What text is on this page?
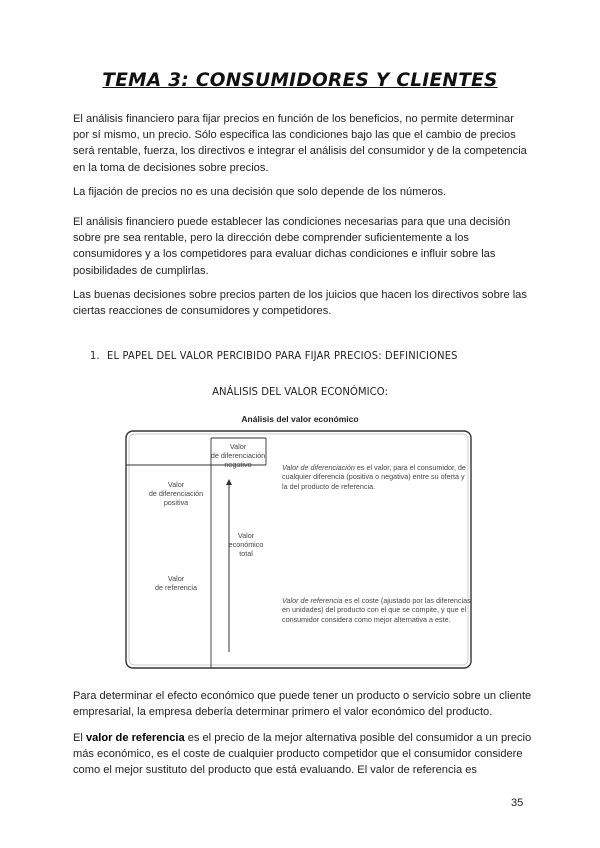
TEMA 3: CONSUMIDORES Y CLIENTES

El análisis financiero para fijar precios en función de los beneficios, no permite determinar por sí mismo, un precio. Sólo especifica las condiciones bajo las que el cambio de precios será rentable, fuerza, los directivos e integrar el análisis del consumidor y de la competencia en la toma de decisiones sobre precios.

La fijación de precios no es una decisión que solo depende de los números.

El análisis financiero puede establecer las condiciones necesarias para que una decisión sobre pre sea rentable, pero la dirección debe comprender suficientemente a los consumidores y a los competidores para evaluar dichas condiciones e influir sobre las posibilidades de cumplirlas.

Las buenas decisiones sobre precios parten de los juicios que hacen los directivos sobre las ciertas reacciones de consumidores y competidores.

1. EL PAPEL DEL VALOR PERCIBIDO PARA FIJAR PRECIOS: DEFINICIONES
ANÁLISIS DEL VALOR ECONÓMICO:
Análisis del valor económico
Valor
de diferenciación
negativo
Valor
de diferenciación
positiva
Valor
económico
total
Valor
de referencia
Valor de diferenciación es el valor, para el consumidor, de cualquier diferencia (positiva o negativa) entre su oferta y la del producto de referencia.
Valor de referencia es el coste (ajustado por las diferencias en unidades) del producto con el que se compite, y que el consumidor considera como mejor alternativa a este.

Para determinar el efecto económico que puede tener un producto o servicio sobre un cliente empresarial, la empresa debería determinar primero el valor económico del producto.

El valor de referencia es el precio de la mejor alternativa posible del consumidor a un precio más económico, es el coste de cualquier producto competidor que el consumidor considere como el mejor sustituto del producto que está evaluando. El valor de referencia es

35
